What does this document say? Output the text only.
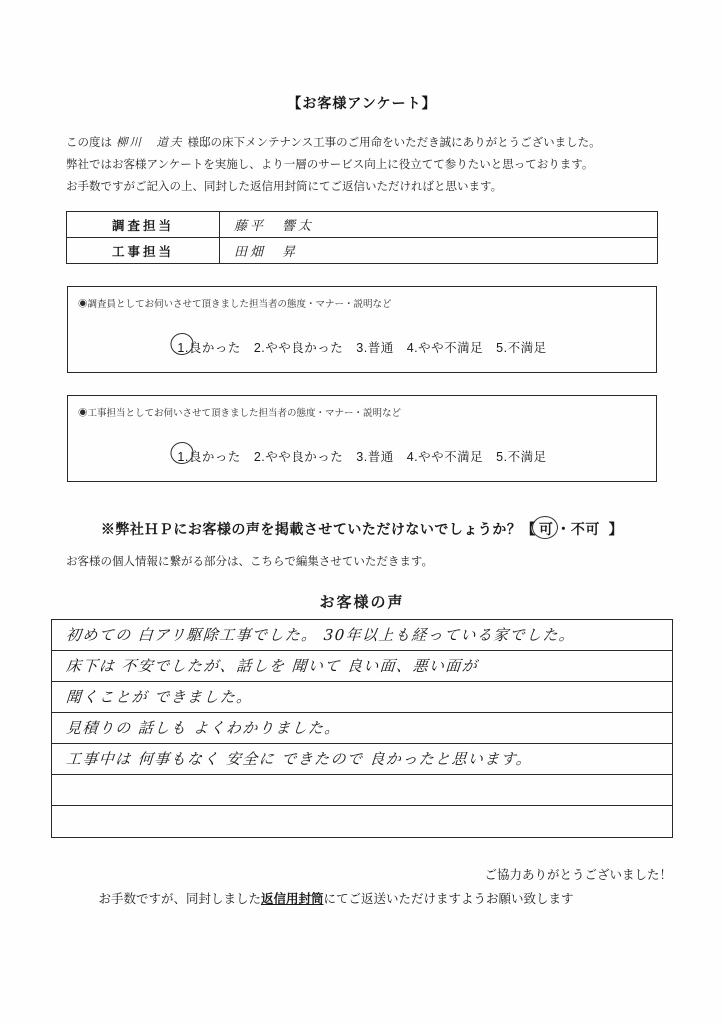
【お客様アンケート】

この度は 柳川　道夫 様邸の床下メンテナンス工事のご用命をいただき誠にありがとうございました。

弊社ではお客様アンケートを実施し、より一層のサービス向上に役立てて参りたいと思っております。

お手数ですがご記入の上、同封した返信用封筒にてご返信いただければと思います。

調査担当	藤平　響太
工事担当	田畑　昇
◉調査員としてお伺いさせて頂きました担当者の態度・マナー・説明など
1.良かった 2.やや良かった 3.普通 4.やや不満足 5.不満足
◉工事担当としてお伺いさせて頂きました担当者の態度・マナー・説明など
1.良かった 2.やや良かった 3.普通 4.やや不満足 5.不満足
※弊社ＨＰにお客様の声を掲載させていただけないでしょうか？【 可 ・不可 】
お客様の個人情報に繋がる部分は、こちらで編集させていただきます。
お客様の声
初めての 白アリ駆除工事でした。 30年以上も経っている家でした。
床下は 不安でしたが、話しを 聞いて 良い面、悪い面が
聞くことが できました。
見積りの 話しも よくわかりました。
工事中は 何事もなく 安全に できたので 良かったと思います。
ご協力ありがとうございました！
お手数ですが、同封しました返信用封筒にてご返送いただけますようお願い致します
